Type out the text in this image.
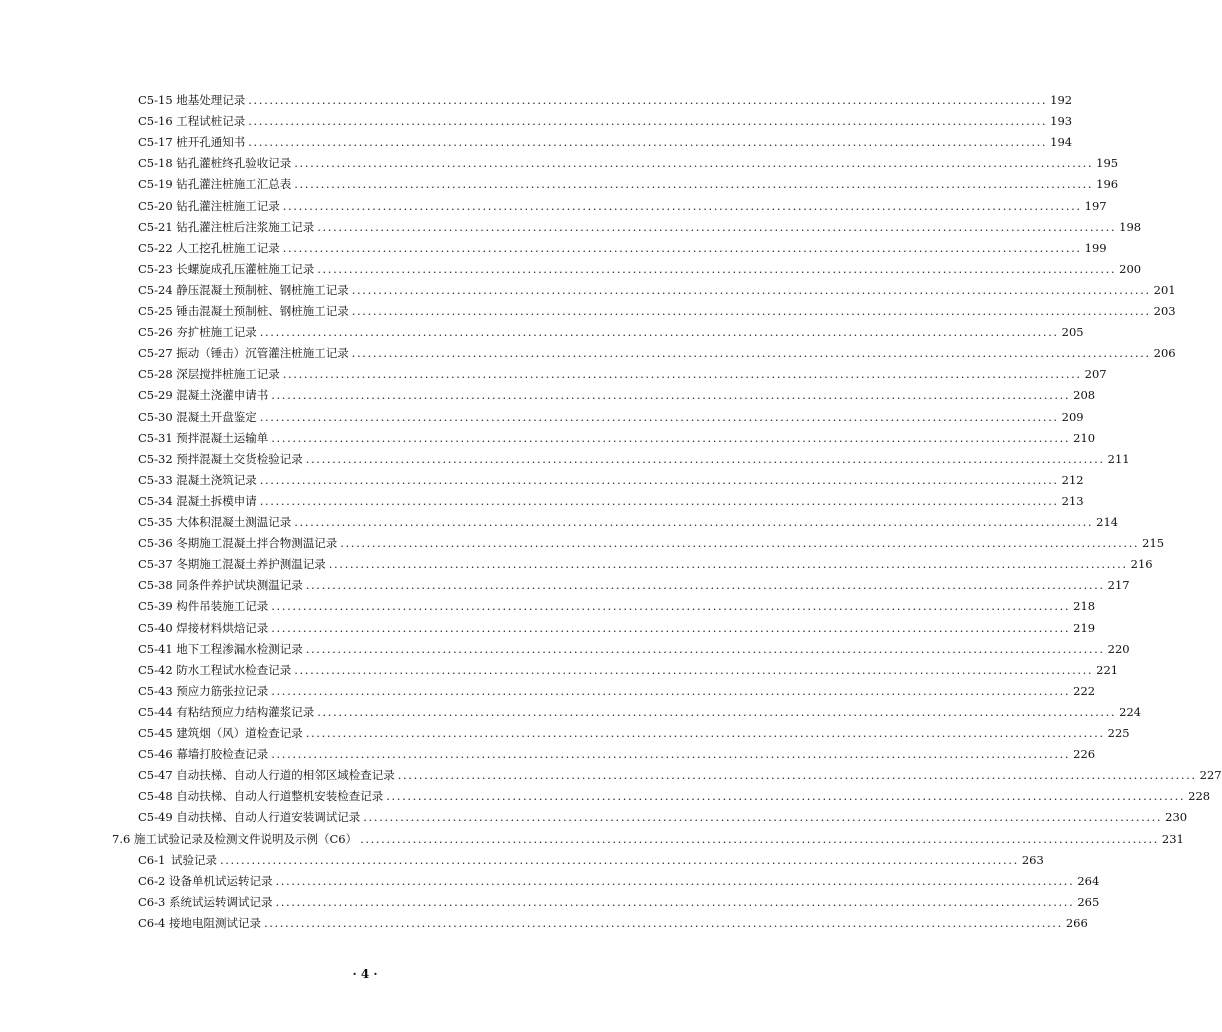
C5-15
地基处理记录 ........................................................................................................................................................ 192
C5-16
工程试桩记录 ........................................................................................................................................................ 193
C5-17
桩开孔通知书 ........................................................................................................................................................ 194
C5-18
钻孔灌桩终孔验收记录 ........................................................................................................................................................ 195
C5-19
钻孔灌注桩施工汇总表 ........................................................................................................................................................ 196
C5-20
钻孔灌注桩施工记录 ........................................................................................................................................................ 197
C5-21
钻孔灌注桩后注浆施工记录 ........................................................................................................................................................ 198
C5-22
人工挖孔桩施工记录 ........................................................................................................................................................ 199
C5-23
长螺旋成孔压灌桩施工记录 ........................................................................................................................................................ 200
C5-24
静压混凝土预制桩、钢桩施工记录 ........................................................................................................................................................ 201
C5-25
锤击混凝土预制桩、钢桩施工记录 ........................................................................................................................................................ 203
C5-26
夯扩桩施工记录 ........................................................................................................................................................ 205
C5-27
振动（锤击）沉管灌注桩施工记录 ........................................................................................................................................................ 206
C5-28
深层搅拌桩施工记录 ........................................................................................................................................................ 207
C5-29
混凝土浇灌申请书 ........................................................................................................................................................ 208
C5-30
混凝土开盘鉴定 ........................................................................................................................................................ 209
C5-31
预拌混凝土运输单 ........................................................................................................................................................ 210
C5-32
预拌混凝土交货检验记录 ........................................................................................................................................................ 211
C5-33
混凝土浇筑记录 ........................................................................................................................................................ 212
C5-34
混凝土拆模申请 ........................................................................................................................................................ 213
C5-35
大体积混凝土测温记录 ........................................................................................................................................................ 214
C5-36
冬期施工混凝土拌合物测温记录 ........................................................................................................................................................ 215
C5-37
冬期施工混凝土养护测温记录 ........................................................................................................................................................ 216
C5-38
同条件养护试块测温记录 ........................................................................................................................................................ 217
C5-39
构件吊装施工记录 ........................................................................................................................................................ 218
C5-40
焊接材料烘焙记录 ........................................................................................................................................................ 219
C5-41
地下工程渗漏水检测记录 ........................................................................................................................................................ 220
C5-42
防水工程试水检查记录 ........................................................................................................................................................ 221
C5-43
预应力筋张拉记录 ........................................................................................................................................................ 222
C5-44
有粘结预应力结构灌浆记录 ........................................................................................................................................................ 224
C5-45
建筑烟（风）道检查记录 ........................................................................................................................................................ 225
C5-46
幕墙打胶检查记录 ........................................................................................................................................................ 226
C5-47
自动扶梯、自动人行道的相邻区域检查记录 ........................................................................................................................................................ 227
C5-48
自动扶梯、自动人行道整机安装检查记录 ........................................................................................................................................................ 228
C5-49
自动扶梯、自动人行道安装调试记录 ........................................................................................................................................................ 230
7.6
施工试验记录及检测文件说明及示例（C6） ........................................................................................................................................................ 231
C6-1
试验记录 ........................................................................................................................................................ 263
C6-2
设备单机试运转记录 ........................................................................................................................................................ 264
C6-3
系统试运转调试记录 ........................................................................................................................................................ 265
C6-4
接地电阻测试记录 ........................................................................................................................................................ 266
· 4 ·
